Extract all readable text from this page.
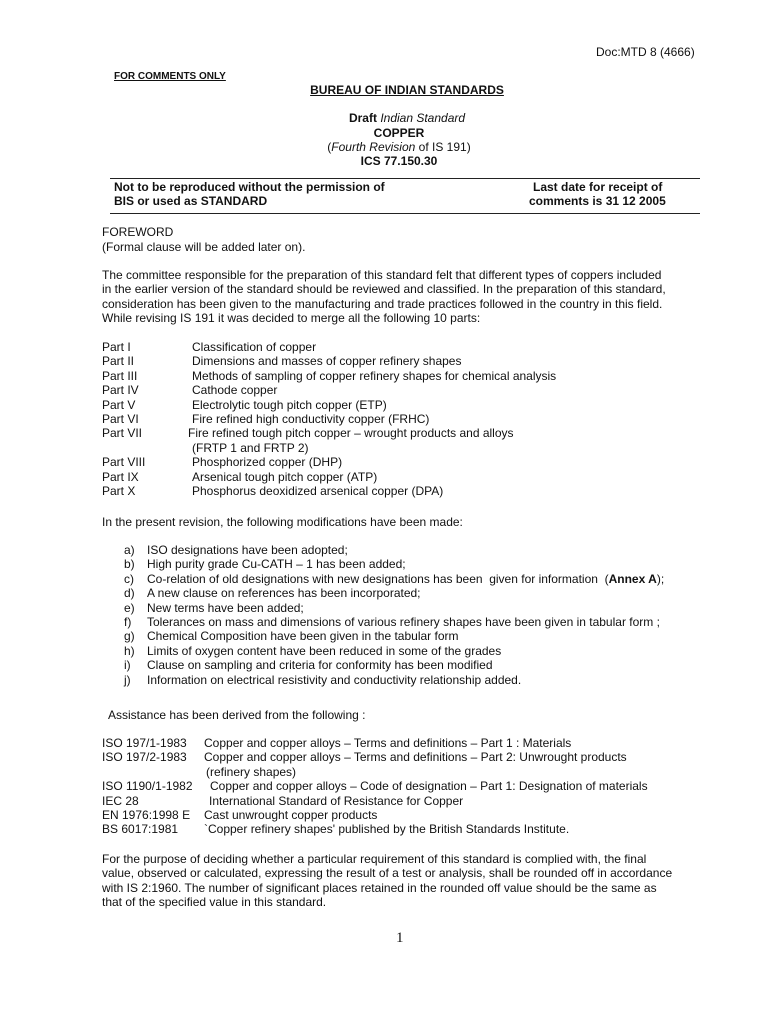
Doc:MTD 8 (4666)
FOR COMMENTS ONLY
BUREAU OF INDIAN STANDARDS
Draft Indian Standard
COPPER
(Fourth Revision of IS 191)
ICS 77.150.30
Not to be reproduced without the permission of
BIS or used as STANDARD
Last date for receipt of
comments is 31 12 2005
FOREWORD
(Formal clause will be added later on).
The committee responsible for the preparation of this standard felt that different types of coppers included
in the earlier version of the standard should be reviewed and classified. In the preparation of this standard,
consideration has been given to the manufacturing and trade practices followed in the country in this field.
While revising IS 191 it was decided to merge all the following 10 parts:
Part I	Classification of copper
Part II	Dimensions and masses of copper refinery shapes
Part III	Methods of sampling of copper refinery shapes for chemical analysis
Part IV	Cathode copper
Part V	Electrolytic tough pitch copper (ETP)
Part VI	Fire refined high conductivity copper (FRHC)
Part VII	Fire refined tough pitch copper – wrought products and alloys
(FRTP 1 and FRTP 2)
Part VIII	Phosphorized copper (DHP)
Part IX	Arsenical tough pitch copper (ATP)
Part X	Phosphorus deoxidized arsenical copper (DPA)
In the present revision, the following modifications have been made:
a)	ISO designations have been adopted;
b)	High purity grade Cu-CATH – 1 has been added;
c)	Co-relation of old designations with new designations has been  given for information  (Annex A);
d)	A new clause on references has been incorporated;
e)	New terms have been added;
f)	Tolerances on mass and dimensions of various refinery shapes have been given in tabular form ;
g)	Chemical Composition have been given in the tabular form
h)	Limits of oxygen content have been reduced in some of the grades
i)	Clause on sampling and criteria for conformity has been modified
j)	Information on electrical resistivity and conductivity relationship added.
Assistance has been derived from the following :
ISO 197/1-1983	Copper and copper alloys – Terms and definitions – Part 1 : Materials
ISO 197/2-1983	Copper and copper alloys – Terms and definitions – Part 2: Unwrought products
(refinery shapes)
ISO 1190/1-1982	Copper and copper alloys – Code of designation – Part 1: Designation of materials
IEC 28	International Standard of Resistance for Copper
EN 1976:1998 E	Cast unwrought copper products
BS 6017:1981	`Copper refinery shapes' published by the British Standards Institute.
For the purpose of deciding whether a particular requirement of this standard is complied with, the final
value, observed or calculated, expressing the result of a test or analysis, shall be rounded off in accordance
with IS 2:1960. The number of significant places retained in the rounded off value should be the same as
that of the specified value in this standard.
1
